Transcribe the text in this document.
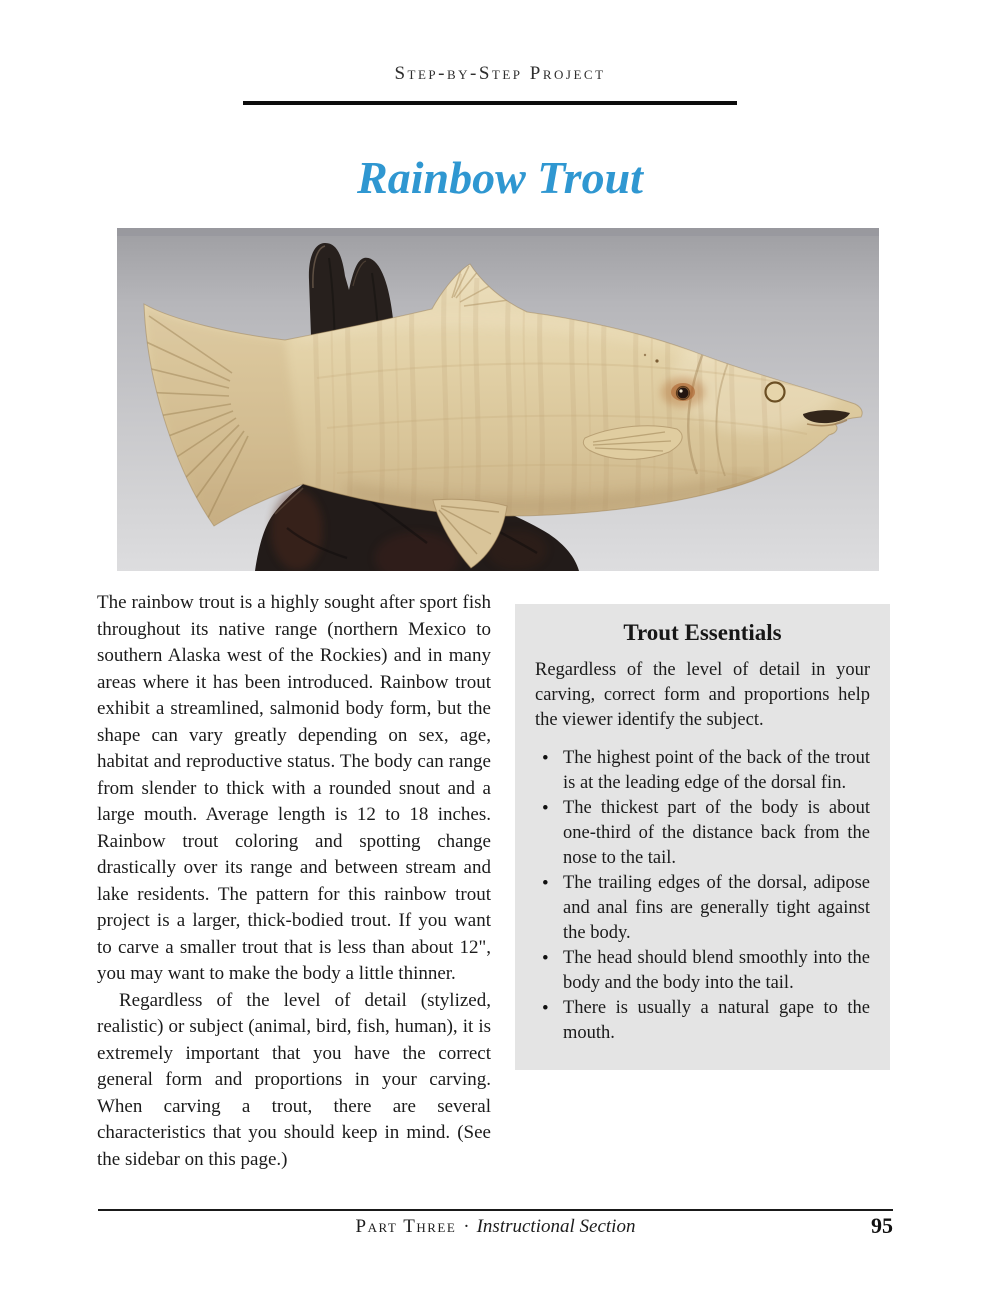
Step-by-Step Project
Rainbow Trout

The rainbow trout is a highly sought after sport fish throughout its native range (northern Mexico to southern Alaska west of the Rockies) and in many areas where it has been introduced. Rainbow trout exhibit a streamlined, salmonid body form, but the shape can vary greatly depending on sex, age, habitat and reproductive status. The body can range from slender to thick with a rounded snout and a large mouth. Average length is 12 to 18 inches. Rainbow trout coloring and spotting change drastically over its range and between stream and lake residents. The pattern for this rainbow trout project is a larger, thick-bodied trout. If you want to carve a smaller trout that is less than about 12", you may want to make the body a little thinner.

Regardless of the level of detail (stylized, realistic) or subject (animal, bird, fish, human), it is extremely important that you have the correct general form and proportions in your carving. When carving a trout, there are several characteristics that you should keep in mind. (See the sidebar on this page.)

Trout Essentials

Regardless of the level of detail in your carving, correct form and proportions help the viewer identify the subject.

• The highest point of the back of the trout is at the leading edge of the dorsal fin.
• The thickest part of the body is about one-third of the distance back from the nose to the tail.
• The trailing edges of the dorsal, adipose and anal fins are generally tight against the body.
• The head should blend smoothly into the body and the body into the tail.
• There is usually a natural gape to the mouth.
Part Three · Instructional Section	95
